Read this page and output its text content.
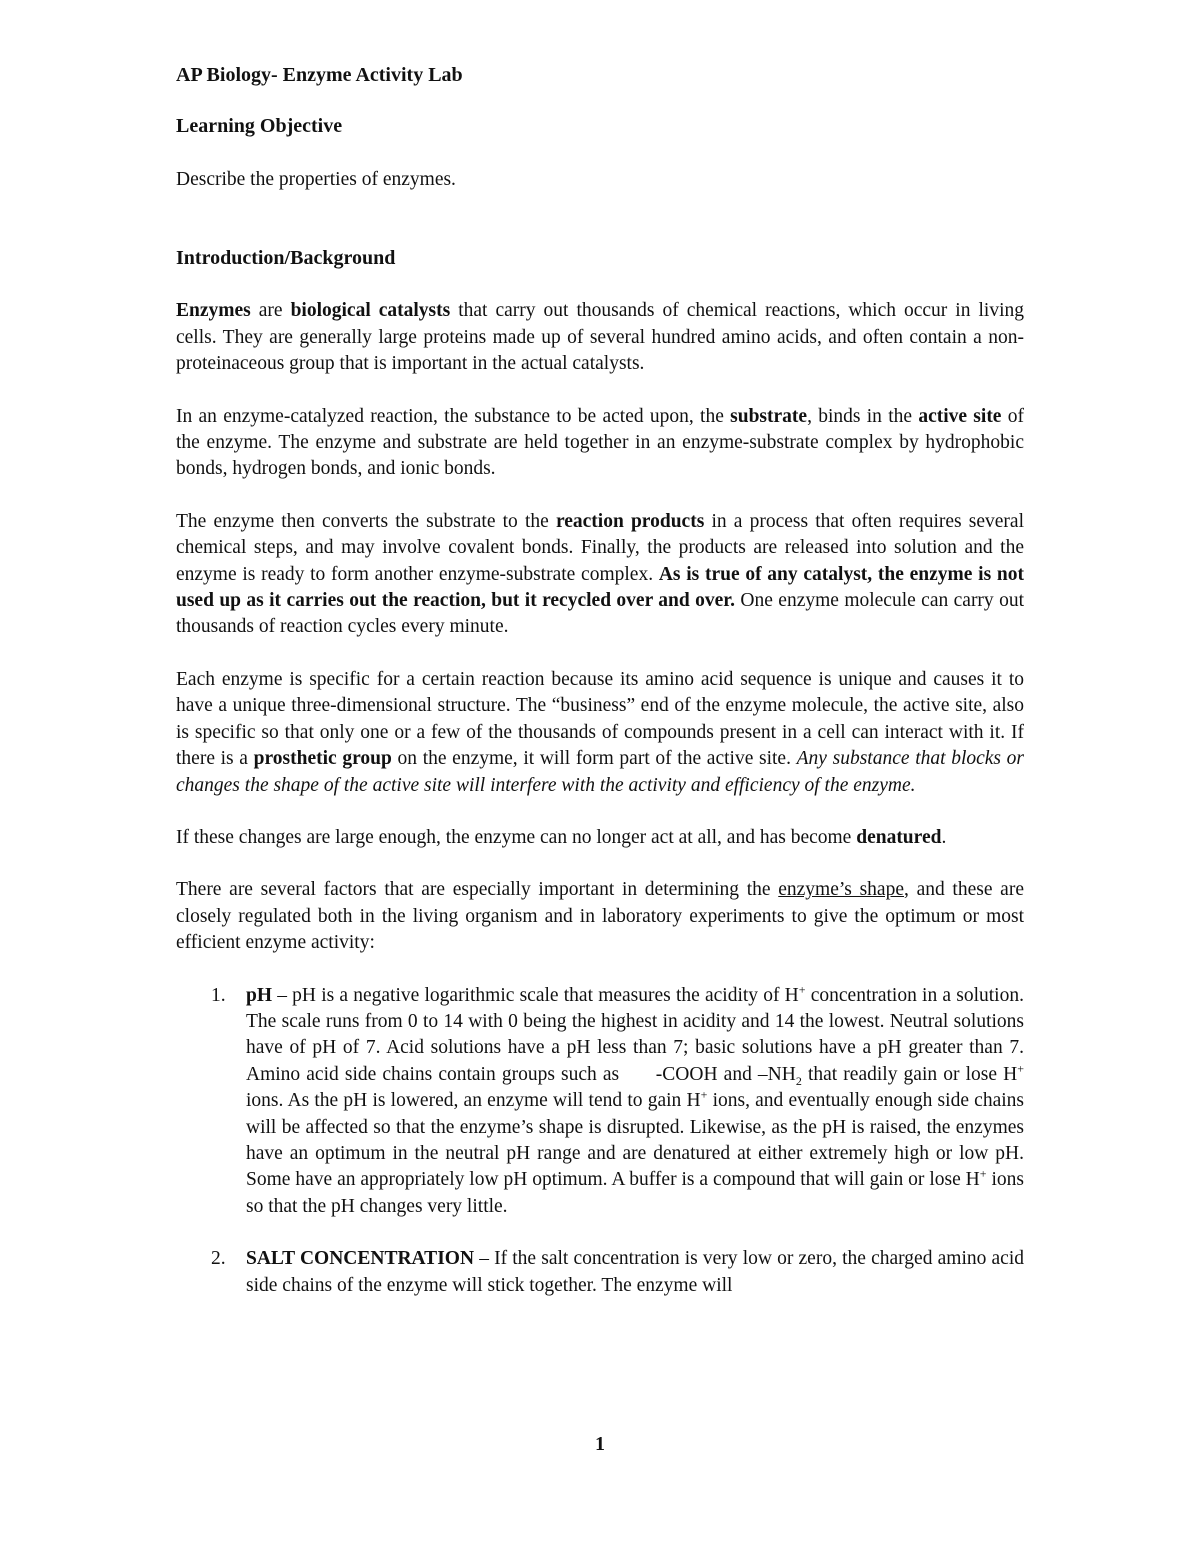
AP Biology- Enzyme Activity Lab

Learning Objective

Describe the properties of enzymes.

Introduction/Background

Enzymes are biological catalysts that carry out thousands of chemical reactions, which occur in living cells. They are generally large proteins made up of several hundred amino acids, and often contain a non-proteinaceous group that is important in the actual catalysts.

In an enzyme-catalyzed reaction, the substance to be acted upon, the substrate, binds in the active site of the enzyme. The enzyme and substrate are held together in an enzyme-substrate complex by hydrophobic bonds, hydrogen bonds, and ionic bonds.

The enzyme then converts the substrate to the reaction products in a process that often requires several chemical steps, and may involve covalent bonds. Finally, the products are released into solution and the enzyme is ready to form another enzyme-substrate complex. As is true of any catalyst, the enzyme is not used up as it carries out the reaction, but it recycled over and over. One enzyme molecule can carry out thousands of reaction cycles every minute.

Each enzyme is specific for a certain reaction because its amino acid sequence is unique and causes it to have a unique three-dimensional structure. The “business” end of the enzyme molecule, the active site, also is specific so that only one or a few of the thousands of compounds present in a cell can interact with it. If there is a prosthetic group on the enzyme, it will form part of the active site. Any substance that blocks or changes the shape of the active site will interfere with the activity and efficiency of the enzyme.

If these changes are large enough, the enzyme can no longer act at all, and has become denatured.

There are several factors that are especially important in determining the enzyme’s shape, and these are closely regulated both in the living organism and in laboratory experiments to give the optimum or most efficient enzyme activity:

1. pH – pH is a negative logarithmic scale that measures the acidity of H+ concentration in a solution. The scale runs from 0 to 14 with 0 being the highest in acidity and 14 the lowest. Neutral solutions have of pH of 7. Acid solutions have a pH less than 7; basic solutions have a pH greater than 7. Amino acid side chains contain groups such as      -COOH and $-NH_2$ that readily gain or lose H+ ions. As the pH is lowered, an enzyme will tend to gain H+ ions, and eventually enough side chains will be affected so that the enzyme’s shape is disrupted. Likewise, as the pH is raised, the enzymes have an optimum in the neutral pH range and are denatured at either extremely high or low pH. Some have an appropriately low pH optimum. A buffer is a compound that will gain or lose H+ ions so that the pH changes very little.
2. SALT CONCENTRATION – If the salt concentration is very low or zero, the charged amino acid side chains of the enzyme will stick together. The enzyme will
1
